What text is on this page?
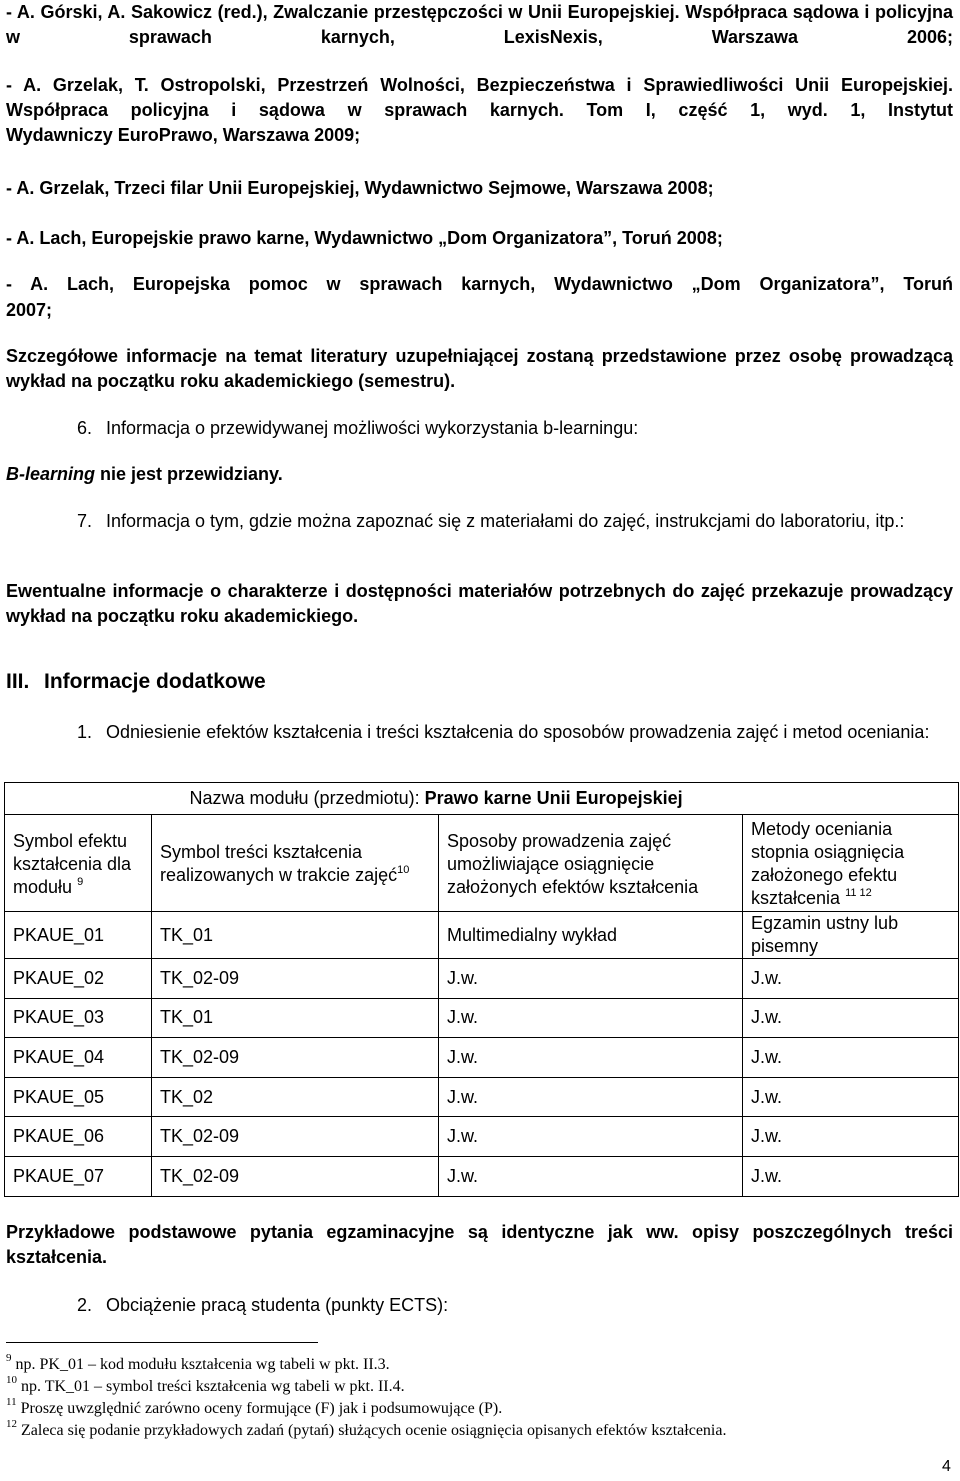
- A. Górski, A. Sakowicz (red.), Zwalczanie przestępczości w Unii Europejskiej. Współpraca sądowa i policyjna w sprawach karnych, LexisNexis, Warszawa 2006;
- A. Grzelak, T. Ostropolski, Przestrzeń Wolności, Bezpieczeństwa i Sprawiedliwości Unii Europejskiej. Współpraca policyjna i sądowa w sprawach karnych. Tom I, część 1, wyd. 1, Instytut
Wydawniczy EuroPrawo, Warszawa 2009;
- A. Grzelak, Trzeci filar Unii Europejskiej, Wydawnictwo Sejmowe, Warszawa 2008;
- A. Lach, Europejskie prawo karne, Wydawnictwo „Dom Organizatora”, Toruń 2008;
- A. Lach, Europejska pomoc w sprawach karnych, Wydawnictwo „Dom Organizatora”, Toruń
2007;
Szczegółowe informacje na temat literatury uzupełniającej zostaną przedstawione przez osobę prowadzącą wykład na początku roku akademickiego (semestru).
6. Informacja o przewidywanej możliwości wykorzystania b-learningu:
B-learning nie jest przewidziany.
7. Informacja o tym, gdzie można zapoznać się z materiałami do zajęć, instrukcjami do laboratoriu, itp.:
Ewentualne informacje o charakterze i dostępności materiałów potrzebnych do zajęć przekazuje prowadzący wykład na początku roku akademickiego.
III. Informacje dodatkowe
1. Odniesienie efektów kształcenia i treści kształcenia do sposobów prowadzenia zajęć i metod oceniania:
	Nazwa modułu (przedmiotu): Prawo karne Unii Europejskiej		
Symbol efektu kształcenia dla modułu $^9$	Symbol treści kształcenia realizowanych w trakcie zajęć$^{10}$	Sposoby prowadzenia zajęć umożliwiające osiągnięcie założonych efektów kształcenia	Metody oceniania stopnia osiągnięcia założonego efektu kształcenia $^{11 12}$
PKAUE_01	TK_01	Multimedialny wykład	Egzamin ustny lub pisemny
PKAUE_02	TK_02-09	J.w.	J.w.
PKAUE_03	TK_01	J.w.	J.w.
PKAUE_04	TK_02-09	J.w.	J.w.
PKAUE_05	TK_02	J.w.	J.w.
PKAUE_06	TK_02-09	J.w.	J.w.
PKAUE_07	TK_02-09	J.w.	J.w.
Przykładowe podstawowe pytania egzaminacyjne są identyczne jak ww. opisy poszczególnych treści kształcenia.
2. Obciążenie pracą studenta (punkty ECTS):
$^9$ np. PK_01 – kod modułu kształcenia wg tabeli w pkt. II.3.
$^{10}$ np. TK_01 – symbol treści kształcenia wg tabeli w pkt. II.4.
$^{11}$ Proszę uwzględnić zarówno oceny formujące (F) jak i podsumowujące (P).
$^{12}$ Zaleca się podanie przykładowych zadań (pytań) służących ocenie osiągnięcia opisanych efektów kształcenia.
4
